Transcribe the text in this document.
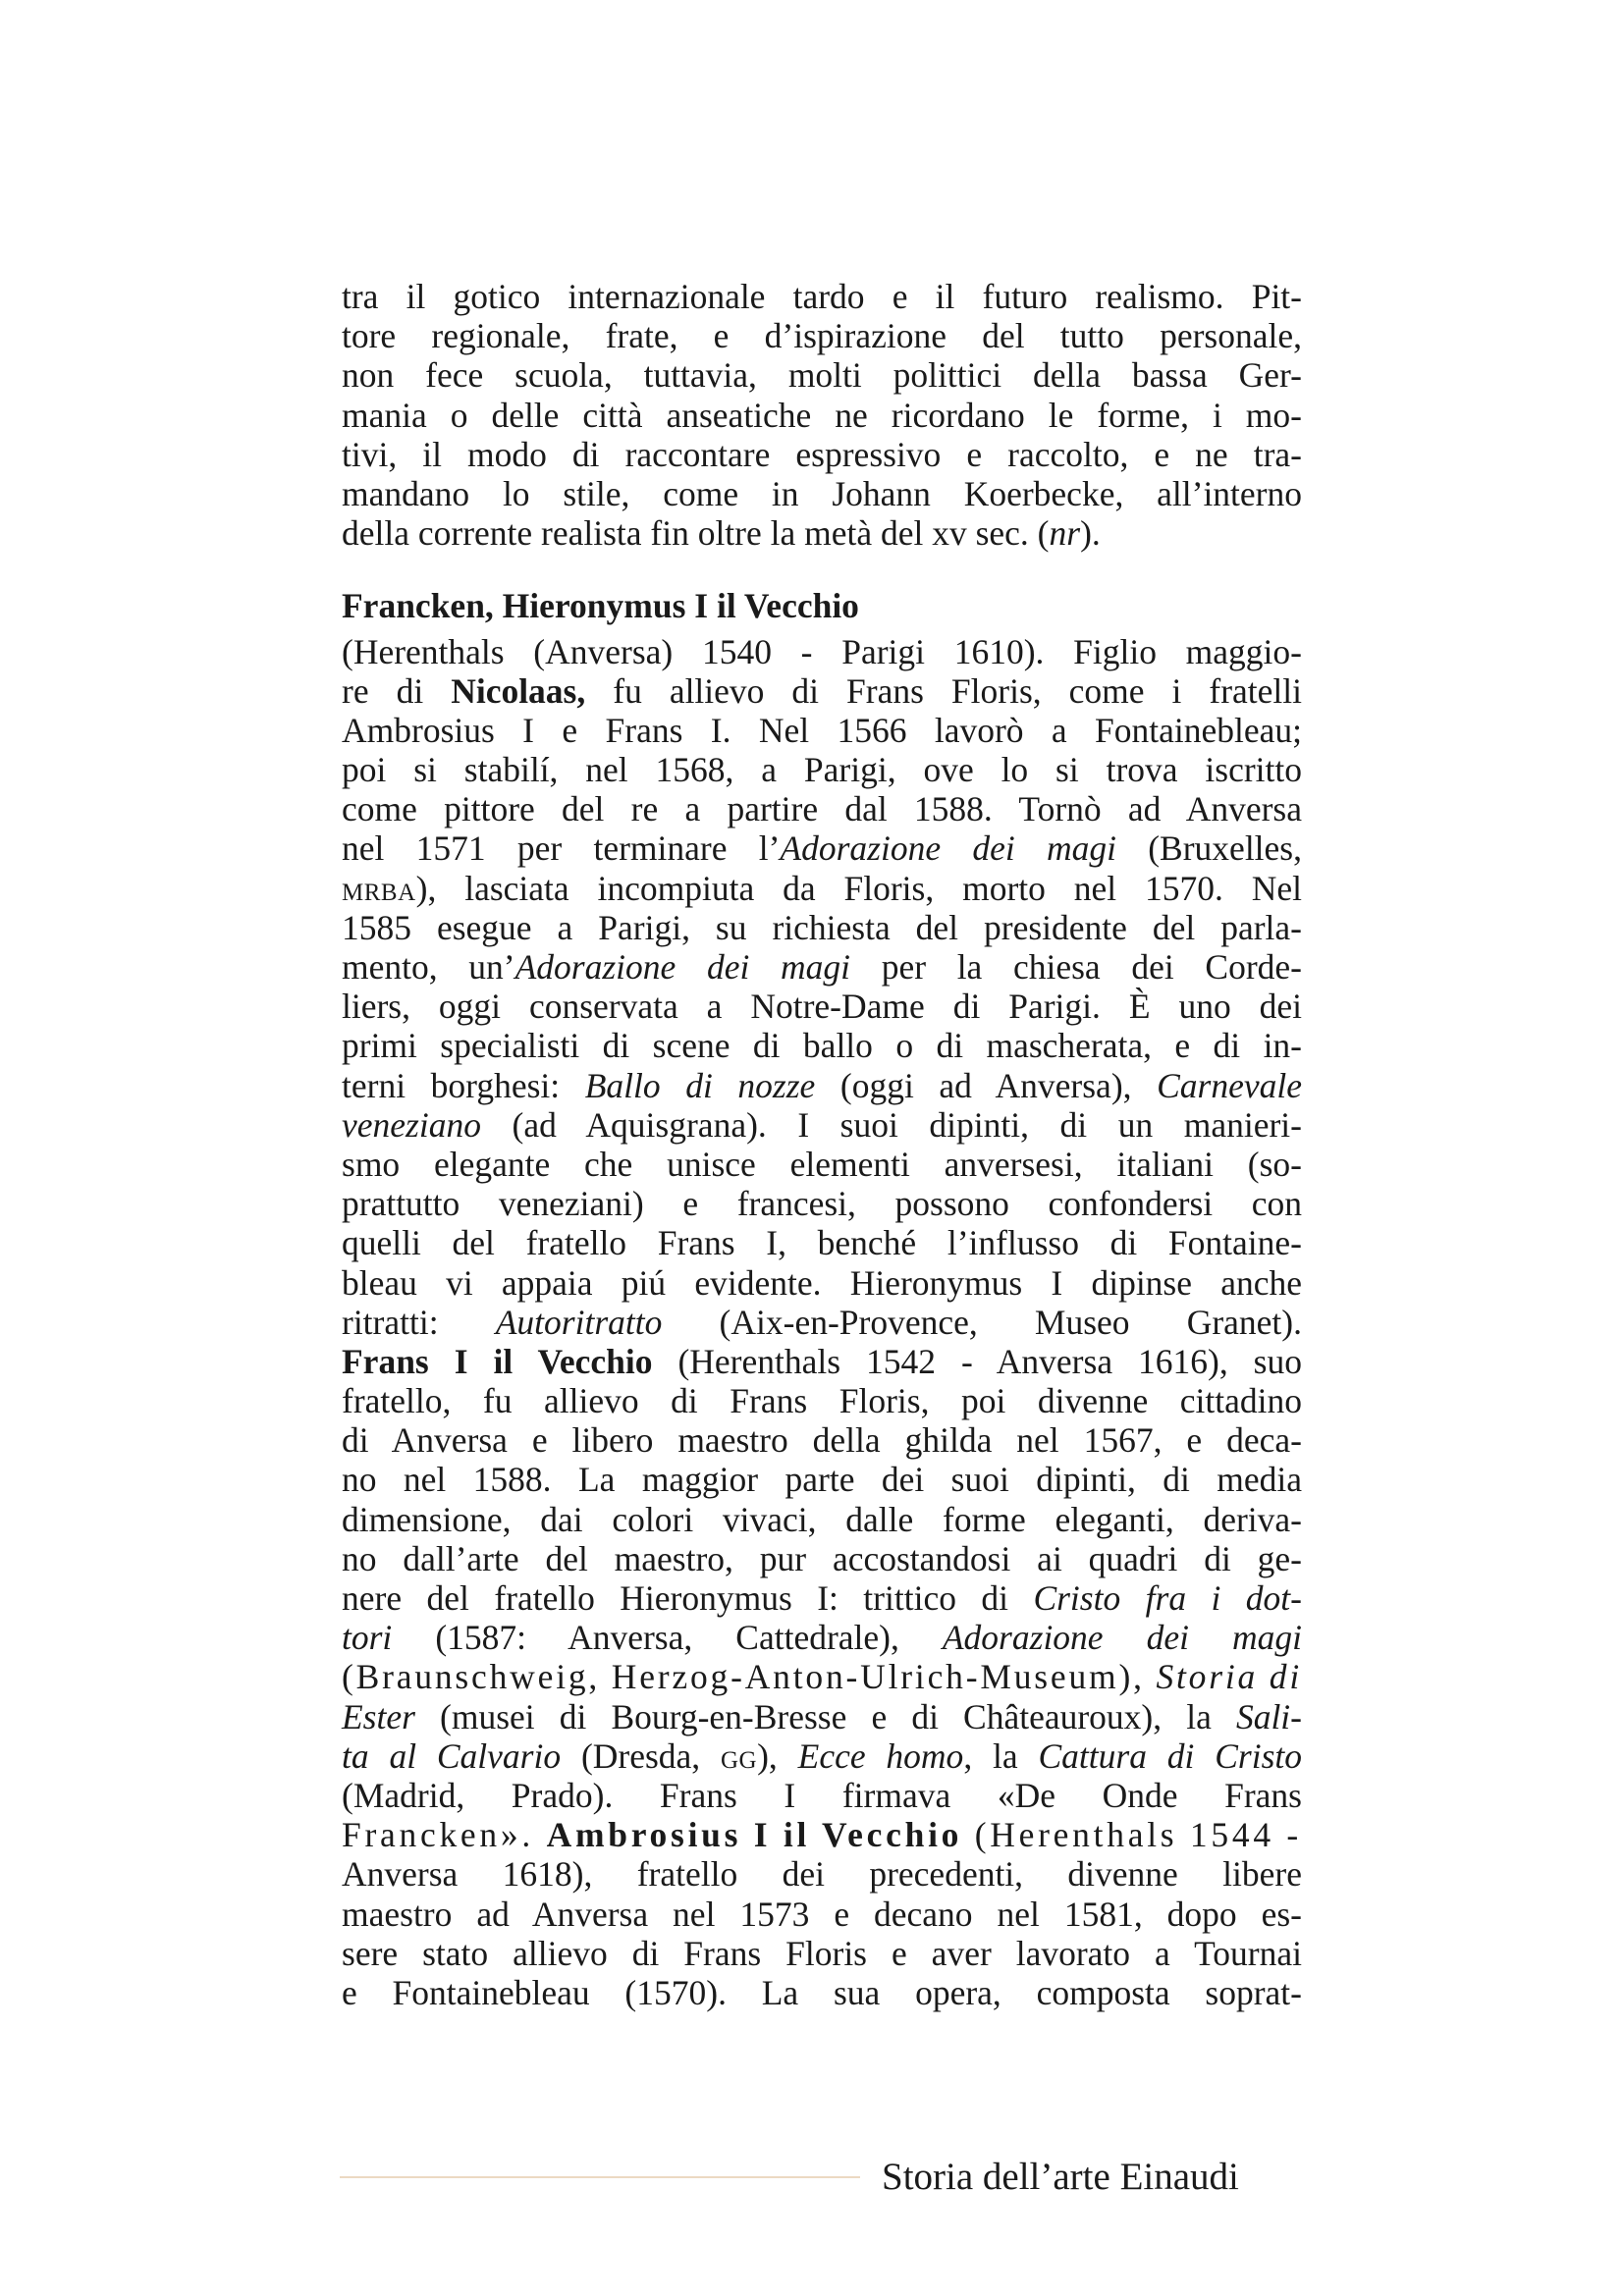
tra il gotico internazionale tardo e il futuro realismo. Pit-
tore regionale, frate, e d’ispirazione del tutto personale,
non fece scuola, tuttavia, molti polittici della bassa Ger-
mania o delle città anseatiche ne ricordano le forme, i mo-
tivi, il modo di raccontare espressivo e raccolto, e ne tra-
mandano lo stile, come in Johann Koerbecke, all’interno
della corrente realista fin oltre la metà del xv sec. ( nr ).
Francken, Hieronymus I il Vecchio
(Herenthals (Anversa) 1540 - Parigi 1610). Figlio maggio-
re di Nicolaas, fu allievo di Frans Floris, come i fratelli
Ambrosius I e Frans I. Nel 1566 lavorò a Fontainebleau;
poi si stabilí, nel 1568, a Parigi, ove lo si trova iscritto
come pittore del re a partire dal 1588. Tornò ad Anversa
nel 1571 per terminare l’Adorazione dei magi (Bruxelles,
mrba), lasciata incompiuta da Floris, morto nel 1570. Nel
1585 esegue a Parigi, su richiesta del presidente del parla-
mento, un’Adorazione dei magi per la chiesa dei Corde-
liers, oggi conservata a Notre-Dame di Parigi. È uno dei
primi specialisti di scene di ballo o di mascherata, e di in-
terni borghesi: Ballo di nozze (oggi ad Anversa), Carnevale
veneziano (ad Aquisgrana). I suoi dipinti, di un manieri-
smo elegante che unisce elementi anversesi, italiani (so-
prattutto veneziani) e francesi, possono confondersi con
quelli del fratello Frans I, benché l’influsso di Fontaine-
bleau vi appaia piú evidente. Hieronymus I dipinse anche
ritratti: Autoritratto (Aix-en-Provence, Museo Granet).
Frans I il Vecchio (Herenthals 1542 - Anversa 1616), suo
fratello, fu allievo di Frans Floris, poi divenne cittadino
di Anversa e libero maestro della ghilda nel 1567, e deca-
no nel 1588. La maggior parte dei suoi dipinti, di media
dimensione, dai colori vivaci, dalle forme eleganti, deriva-
no dall’arte del maestro, pur accostandosi ai quadri di ge-
nere del fratello Hieronymus I: trittico di Cristo fra i dot-
tori (1587: Anversa, Cattedrale), Adorazione dei magi
(Braunschweig, Herzog-Anton-Ulrich-Museum), Storia di
Ester (musei di Bourg-en-Bresse e di Châteauroux), la Sali-
ta al Calvario (Dresda, gg), Ecce homo, la Cattura di Cristo
(Madrid, Prado). Frans I firmava «De Onde Frans
Francken». Ambrosius I il Vecchio (Herenthals 1544 -
Anversa 1618), fratello dei precedenti, divenne libere
maestro ad Anversa nel 1573 e decano nel 1581, dopo es-
sere stato allievo di Frans Floris e aver lavorato a Tournai
e Fontainebleau (1570). La sua opera, composta soprat-
Storia dell’arte Einaudi
